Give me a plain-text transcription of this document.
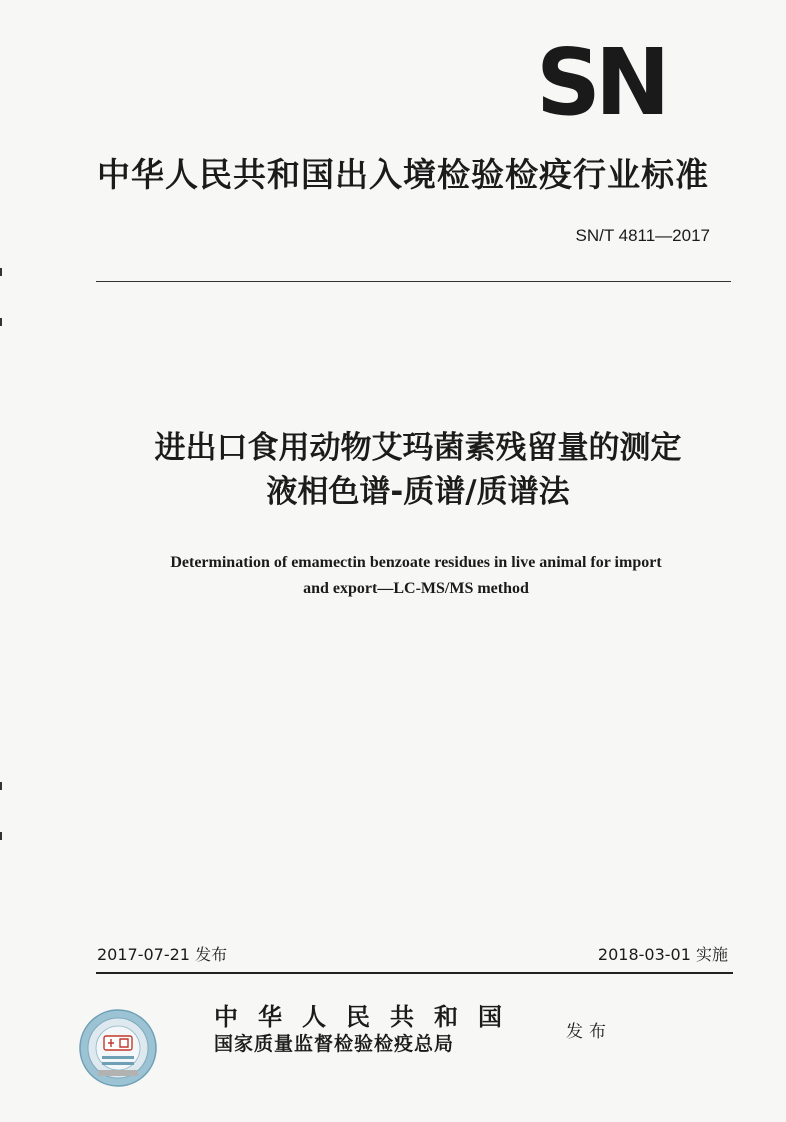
SN
中华人民共和国出入境检验检疫行业标准
SN/T 4811—2017
进出口食用动物艾玛菌素残留量的测定
液相色谱-质谱/质谱法
Determination of emamectin benzoate residues in live animal for import
and export—LC-MS/MS method
2017-07-21 发布	2018-03-01 实施
中华人民共和国
国家质量监督检验检疫总局
发布
